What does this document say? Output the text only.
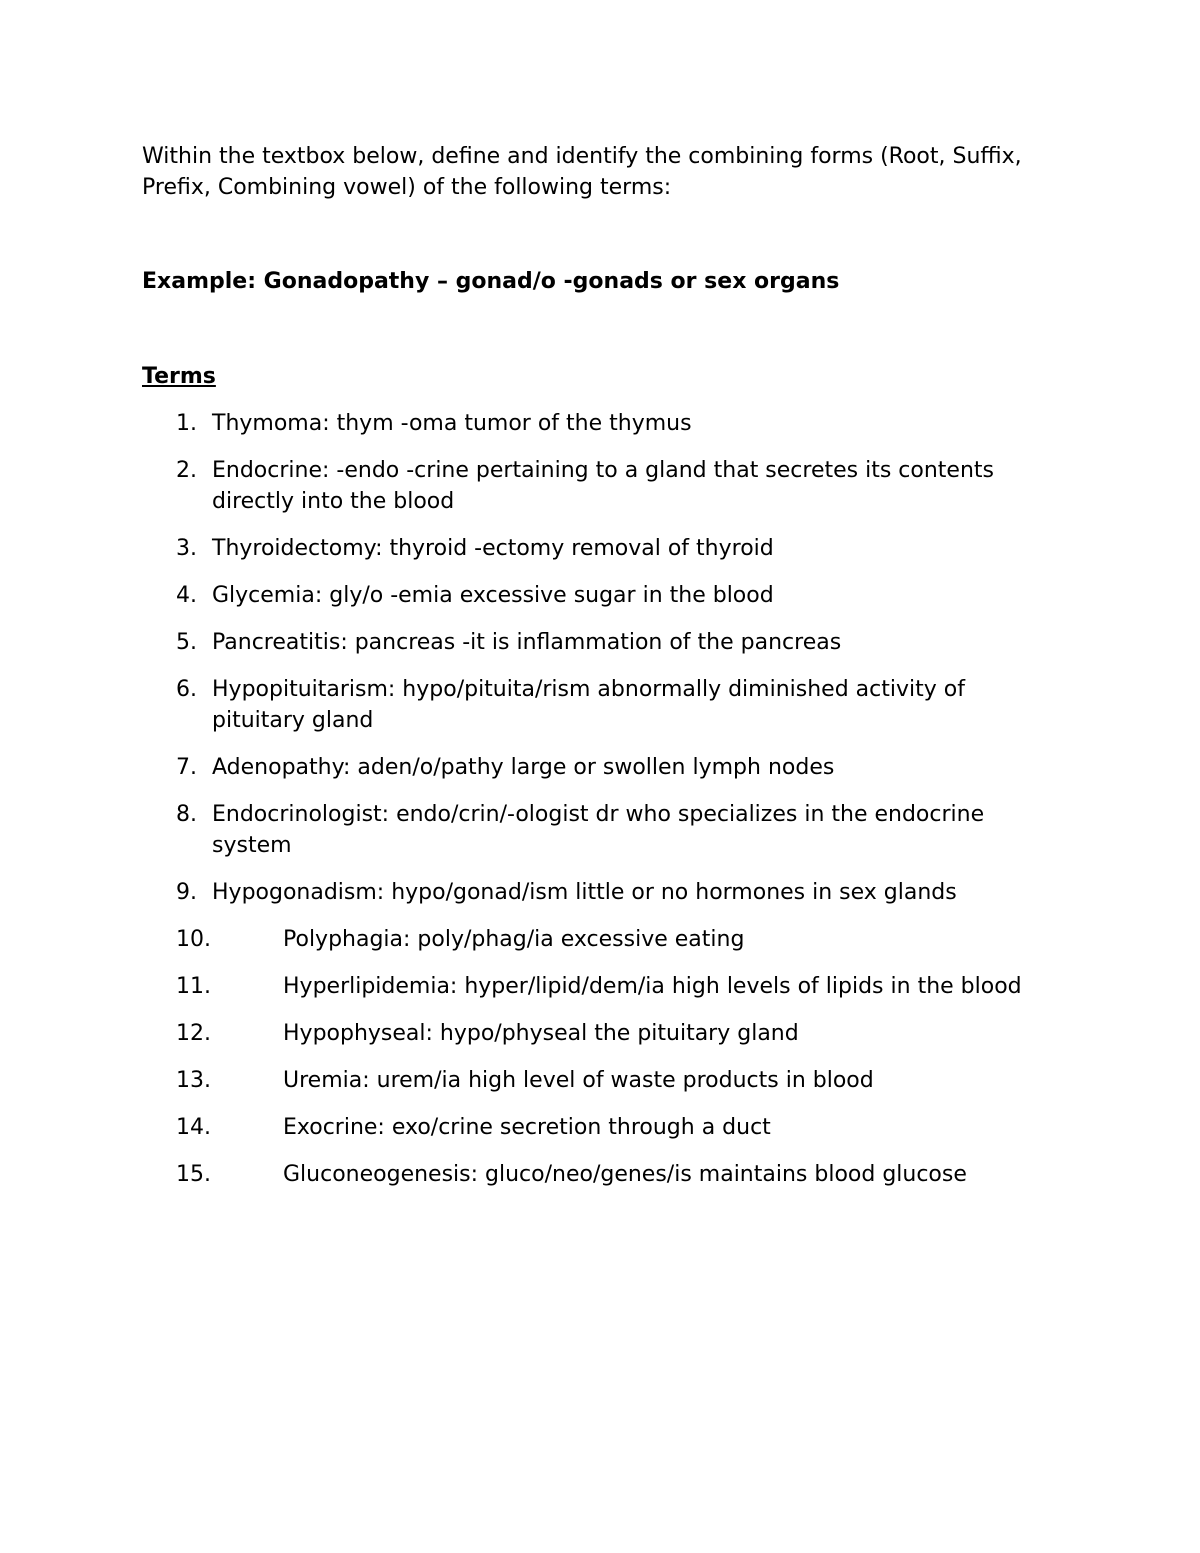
Within the textbox below, define and identify the combining forms (Root, Suffix, Prefix, Combining vowel) of the following terms:

Example: Gonadopathy – gonad/o -gonads or sex organs

Terms

1. Thymoma: thym -oma tumor of the thymus
2. Endocrine: -endo -crine pertaining to a gland that secretes its contents directly into the blood
3. Thyroidectomy: thyroid -ectomy removal of thyroid
4. Glycemia: gly/o -emia excessive sugar in the blood
5. Pancreatitis: pancreas -it is inflammation of the pancreas
6. Hypopituitarism: hypo/pituita/rism abnormally diminished activity of pituitary gland
7. Adenopathy: aden/o/pathy large or swollen lymph nodes
8. Endocrinologist: endo/crin/-ologist dr who specializes in the endocrine system
9. Hypogonadism: hypo/gonad/ism little or no hormones in sex glands
10.	Polyphagia: poly/phag/ia excessive eating
11.	Hyperlipidemia: hyper/lipid/dem/ia high levels of lipids in the blood
12.	Hypophyseal: hypo/physeal the pituitary gland
13.	Uremia: urem/ia high level of waste products in blood
14.	Exocrine: exo/crine secretion through a duct
15.	Gluconeogenesis: gluco/neo/genes/is maintains blood glucose
